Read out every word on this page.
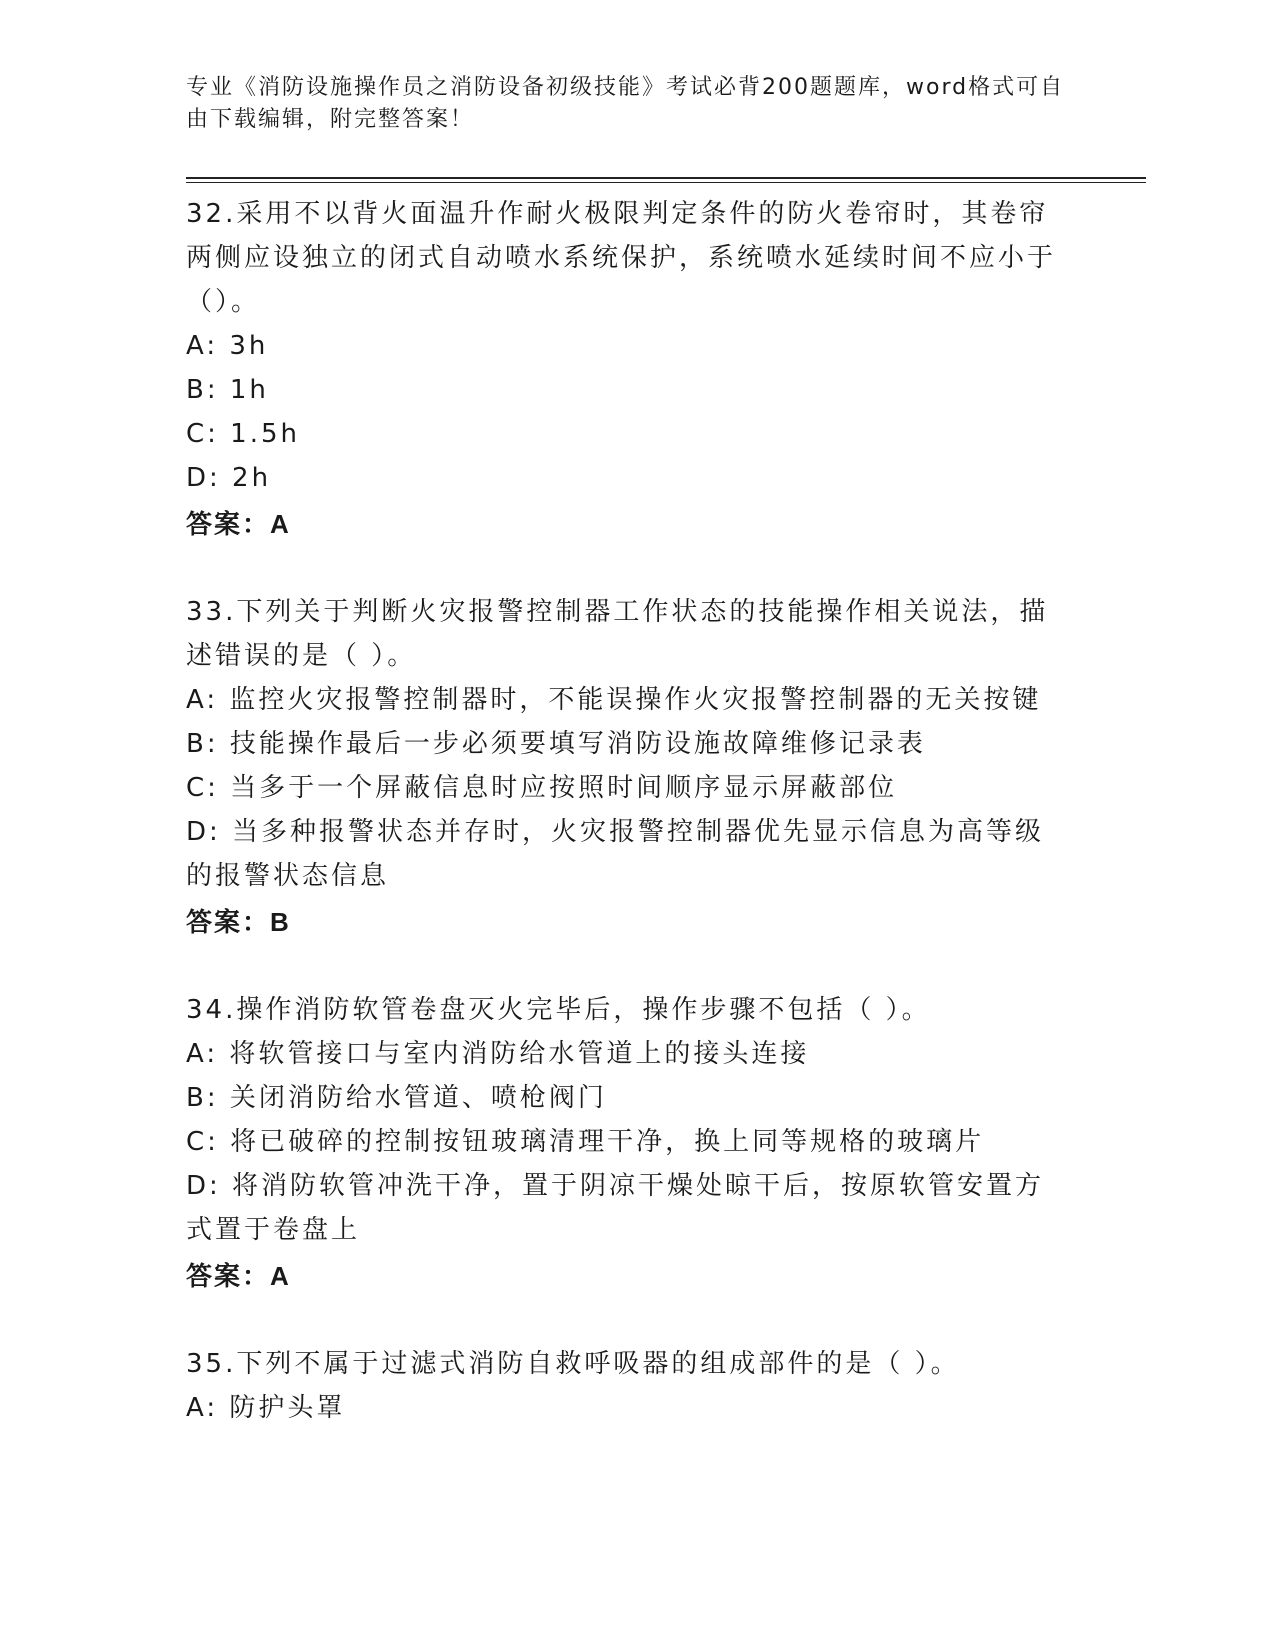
专业《消防设施操作员之消防设备初级技能》考试必背200题题库，word格式可自由下载编辑，附完整答案！

32.采用不以背火面温升作耐火极限判定条件的防火卷帘时，其卷帘两侧应设独立的闭式自动喷水系统保护，系统喷水延续时间不应小于（）。

A: 3h

B: 1h

C: 1.5h

D: 2h

答案：A

33.下列关于判断火灾报警控制器工作状态的技能操作相关说法，描述错误的是（ ）。

A: 监控火灾报警控制器时，不能误操作火灾报警控制器的无关按键

B: 技能操作最后一步必须要填写消防设施故障维修记录表

C: 当多于一个屏蔽信息时应按照时间顺序显示屏蔽部位

D: 当多种报警状态并存时，火灾报警控制器优先显示信息为高等级的报警状态信息

答案：B

34.操作消防软管卷盘灭火完毕后，操作步骤不包括（ ）。

A: 将软管接口与室内消防给水管道上的接头连接

B: 关闭消防给水管道、喷枪阀门

C: 将已破碎的控制按钮玻璃清理干净，换上同等规格的玻璃片

D: 将消防软管冲洗干净，置于阴凉干燥处晾干后，按原软管安置方式置于卷盘上

答案：A

35.下列不属于过滤式消防自救呼吸器的组成部件的是（ ）。

A: 防护头罩
